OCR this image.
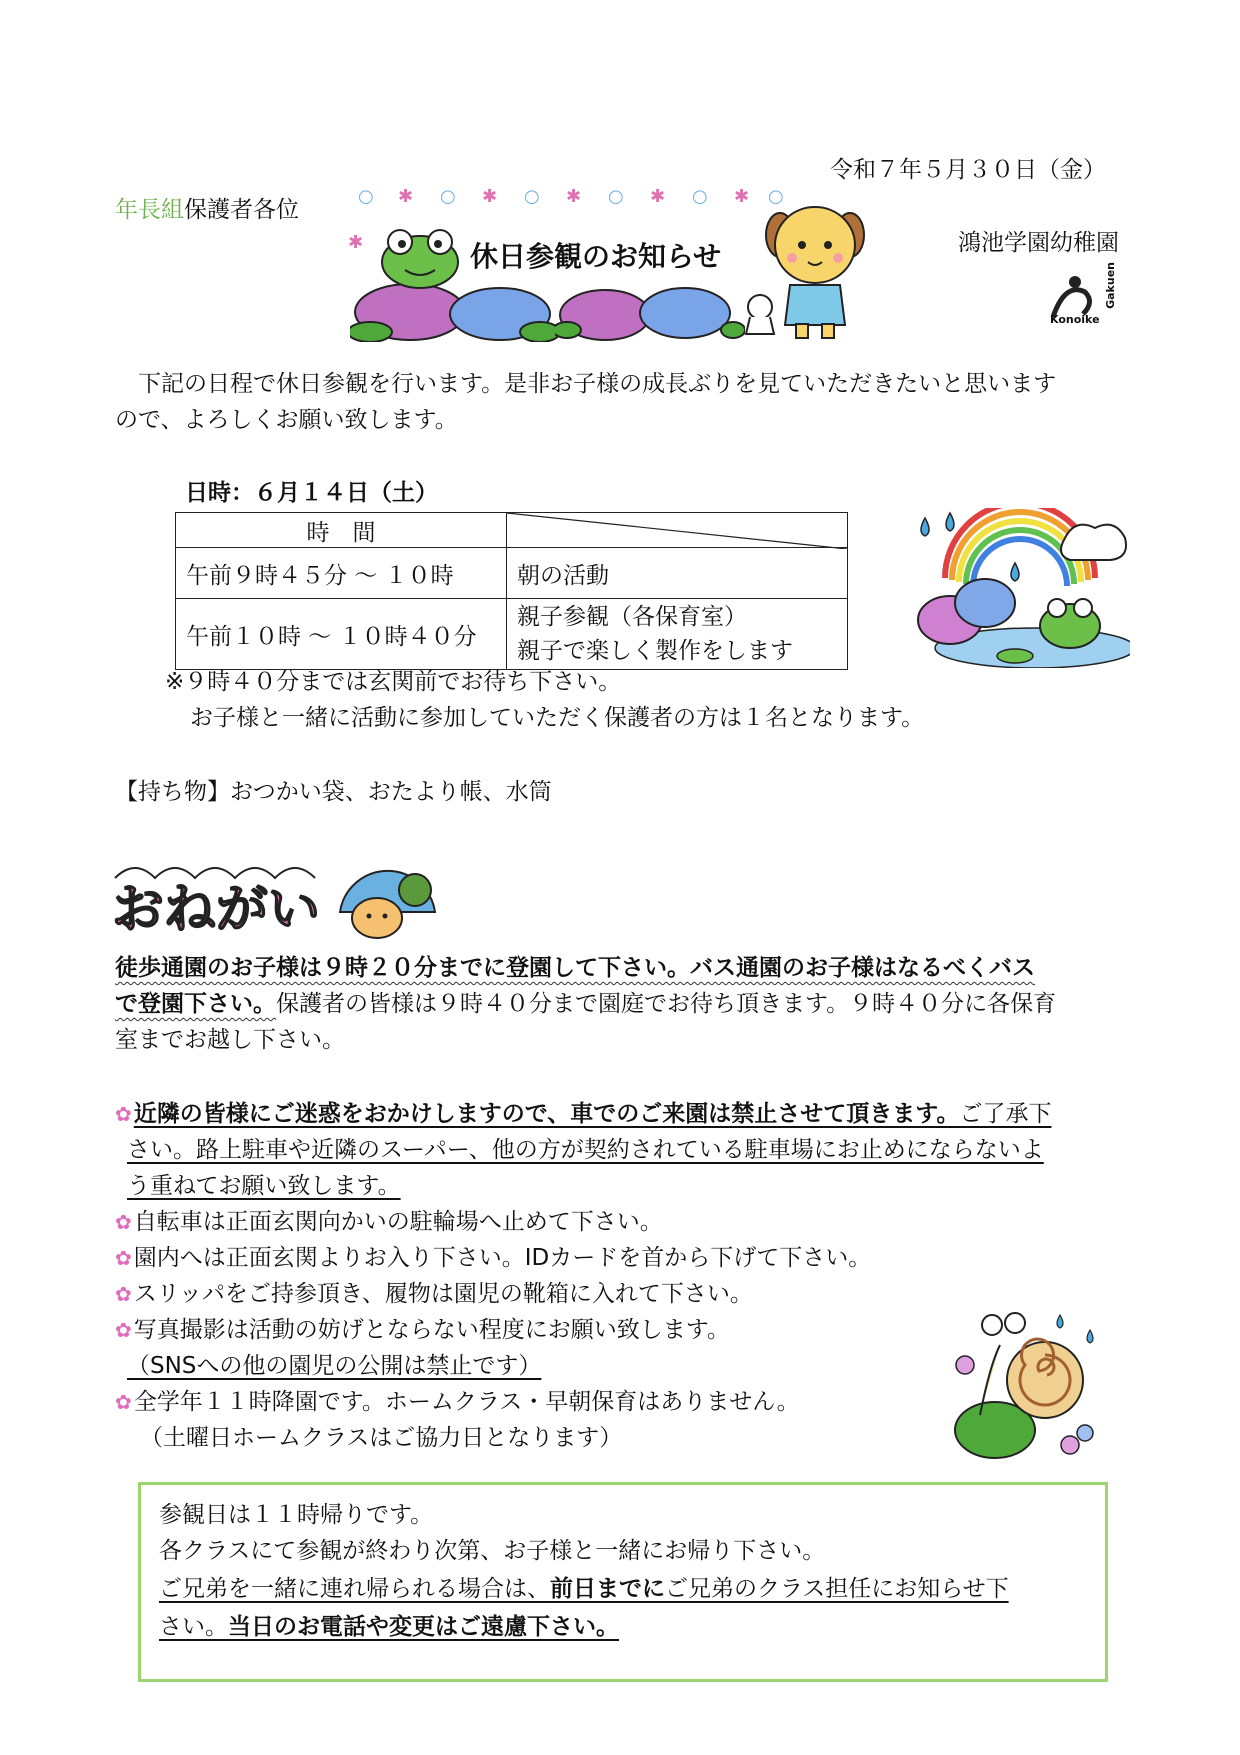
令和７年５月３０日（金）
年長組保護者各位
○ ✱ ○ ✱ ○ ✱ ○ ✱ ○ ✱ ○
✱	休日参観のお知らせ	鴻池学園幼稚園
Gakuen
Konoike
　下記の日程で休日参観を行います。是非お子様の成長ぶりを見ていただきたいと思います
ので、よろしくお願い致します。
日時：６月１４日（土）
時　間	

午前９時４５分 ～ １０時	朝の活動
午前１０時 ～ １０時４０分	親子参観（各保育室）
親子で楽しく製作をします
※９時４０分までは玄関前でお待ち下さい。
お子様と一緒に活動に参加していただく保護者の方は１名となります。
【持ち物】おつかい袋、おたより帳、水筒
おねがい
徒歩通園のお子様は９時２０分までに登園して下さい。バス通園のお子様はなるべくバス
で登園下さい。保護者の皆様は９時４０分まで園庭でお待ち頂きます。９時４０分に各保育
室までお越し下さい。
✿近隣の皆様にご迷惑をおかけしますので、車でのご来園は禁止させて頂きます。ご了承下
さい。路上駐車や近隣のスーパー、他の方が契約されている駐車場にお止めにならないよ
う重ねてお願い致します。
✿自転車は正面玄関向かいの駐輪場へ止めて下さい。
✿園内へは正面玄関よりお入り下さい。IDカードを首から下げて下さい。
✿スリッパをご持参頂き、履物は園児の靴箱に入れて下さい。
✿写真撮影は活動の妨げとならない程度にお願い致します。
（SNSへの他の園児の公開は禁止です）
✿全学年１１時降園です。ホームクラス・早朝保育はありません。
（土曜日ホームクラスはご協力日となります）
参観日は１１時帰りです。
各クラスにて参観が終わり次第、お子様と一緒にお帰り下さい。
ご兄弟を一緒に連れ帰られる場合は、前日までにご兄弟のクラス担任にお知らせ下
さい。当日のお電話や変更はご遠慮下さい。
